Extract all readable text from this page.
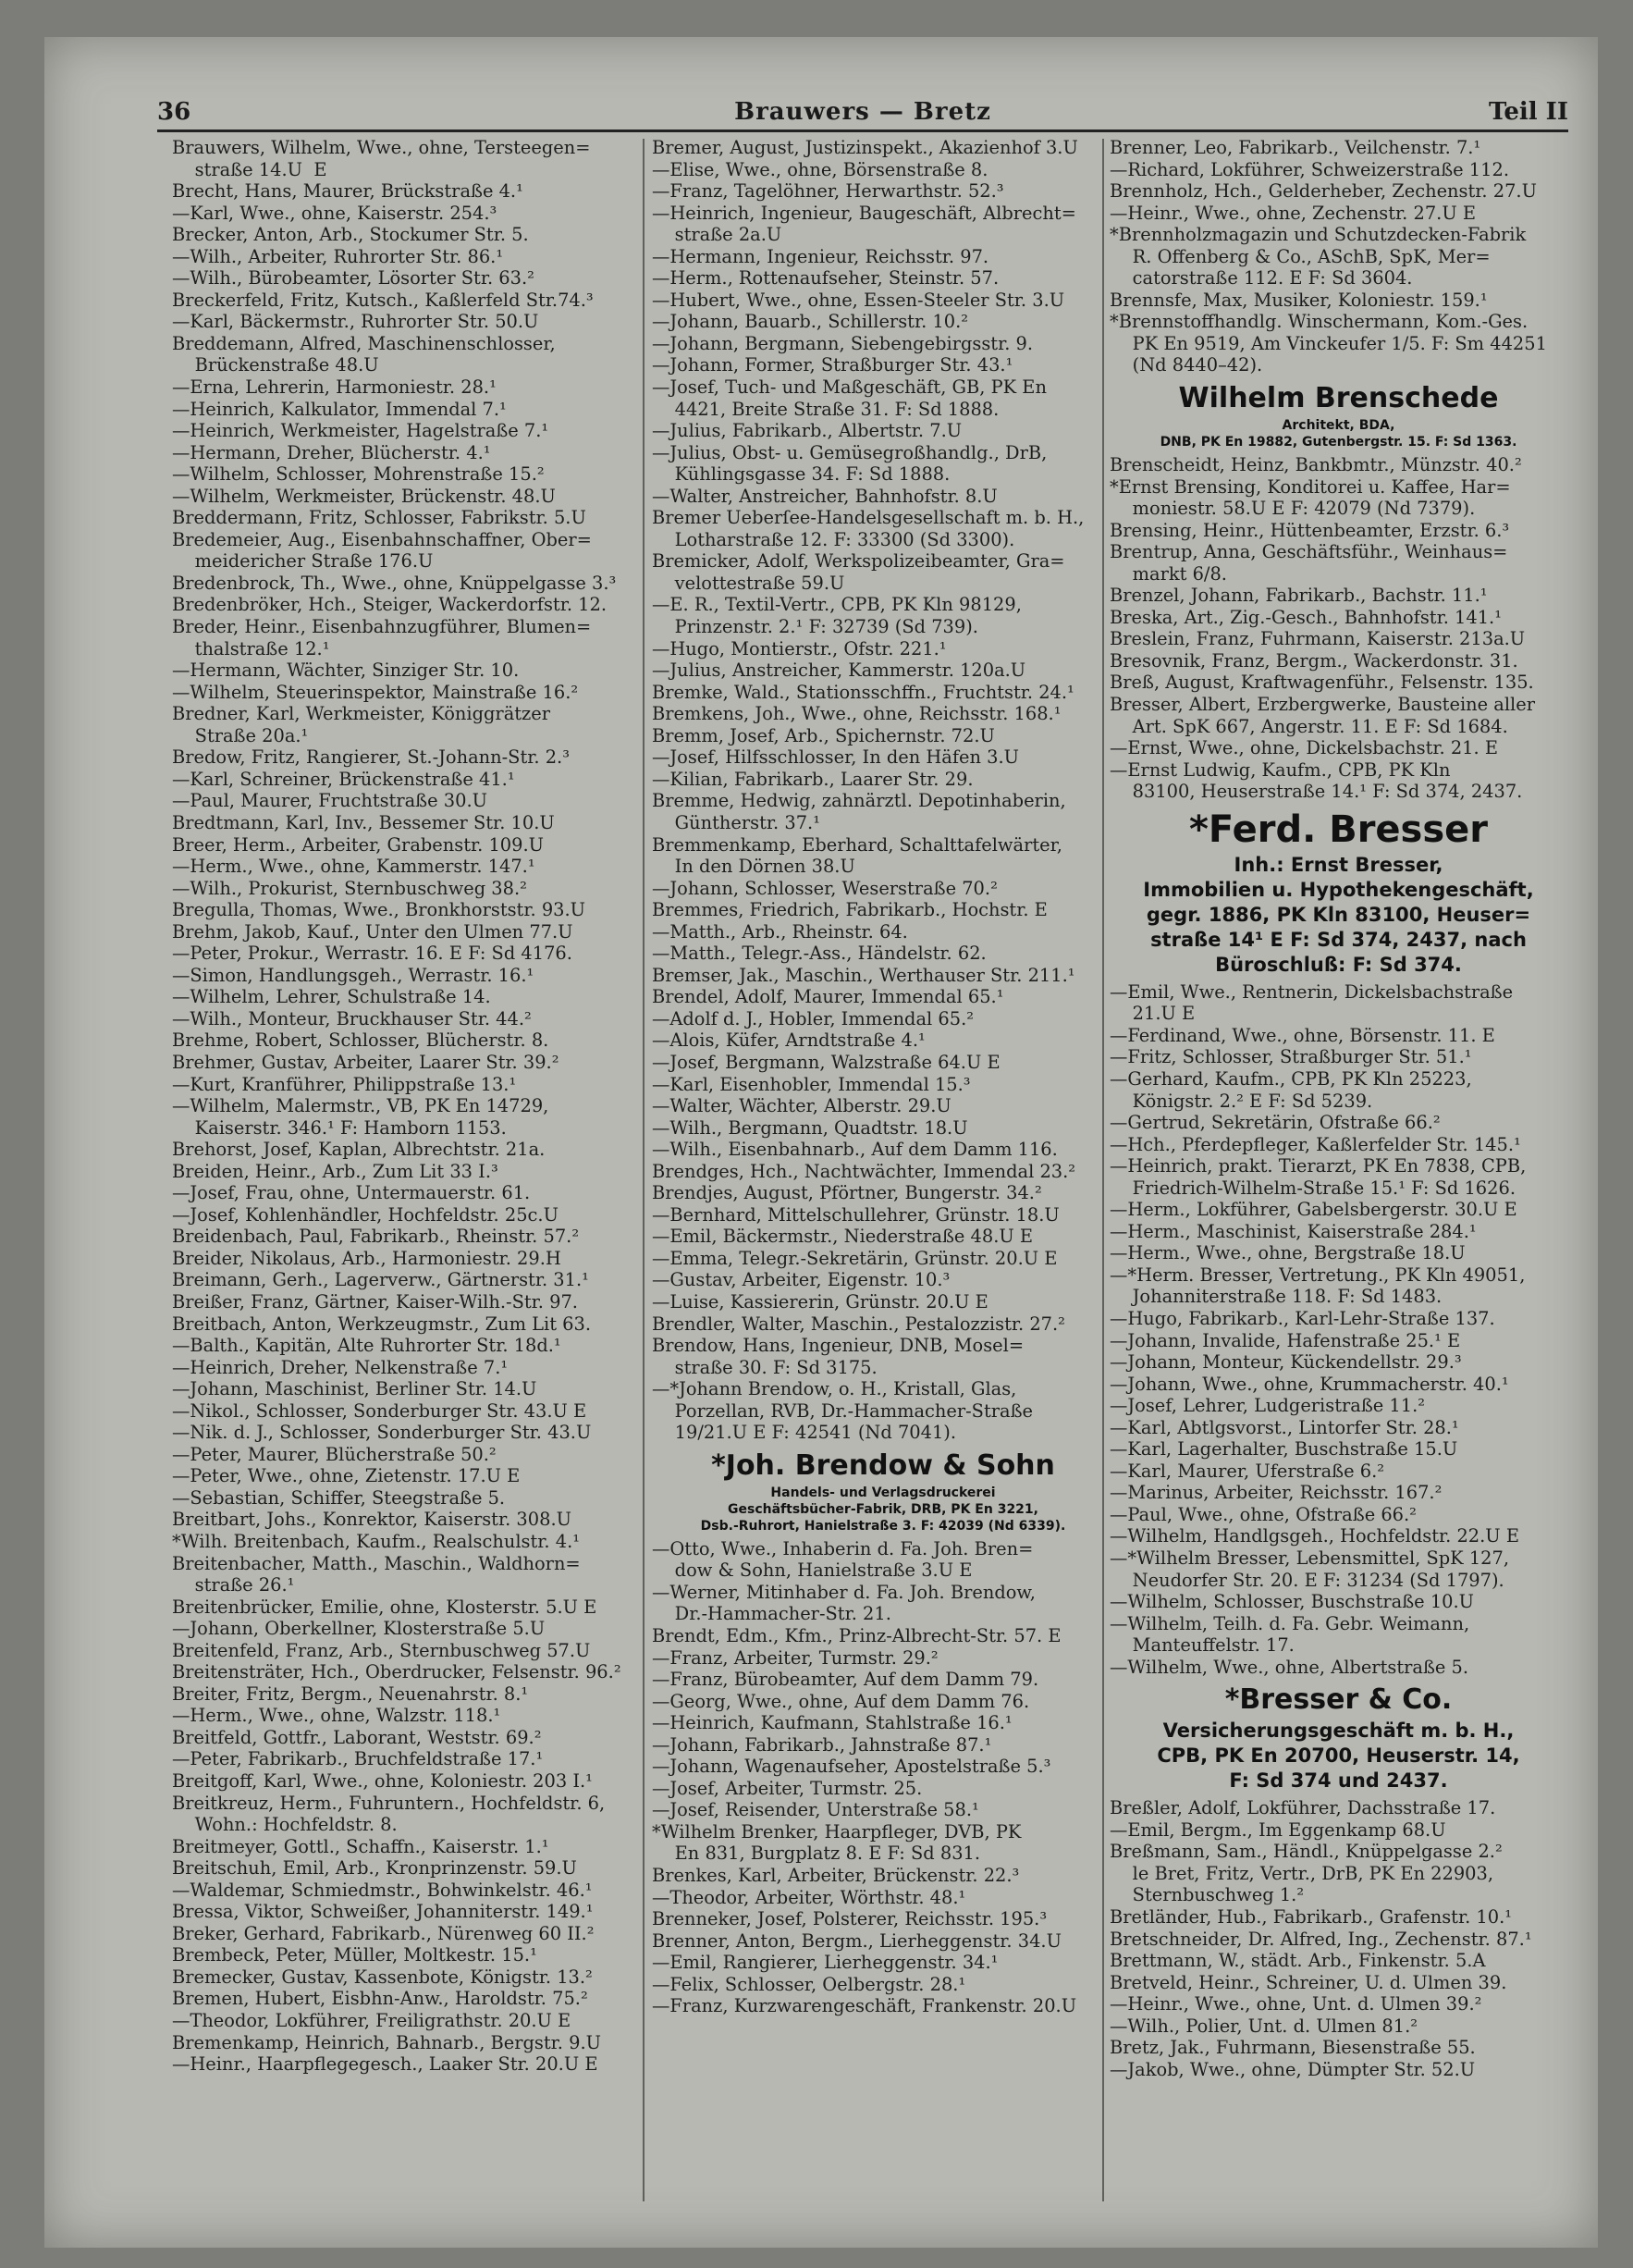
36	Brauwers — Bretz	Teil II
Brauwers, Wilhelm, Wwe., ohne, Tersteegen=
straße 14.U  E
Brecht, Hans, Maurer, Brückstraße 4.¹
—Karl, Wwe., ohne, Kaiserstr. 254.³
Brecker, Anton, Arb., Stockumer Str. 5.
—Wilh., Arbeiter, Ruhrorter Str. 86.¹
—Wilh., Bürobeamter, Lösorter Str. 63.²
Breckerfeld, Fritz, Kutsch., Kaßlerfeld Str.74.³
—Karl, Bäckermstr., Ruhrorter Str. 50.U
Breddemann, Alfred, Maschinenschlosser,
Brückenstraße 48.U
—Erna, Lehrerin, Harmoniestr. 28.¹
—Heinrich, Kalkulator, Immendal 7.¹
—Heinrich, Werkmeister, Hagelstraße 7.¹
—Hermann, Dreher, Blücherstr. 4.¹
—Wilhelm, Schlosser, Mohrenstraße 15.²
—Wilhelm, Werkmeister, Brückenstr. 48.U
Breddermann, Fritz, Schlosser, Fabrikstr. 5.U
Bredemeier, Aug., Eisenbahnschaffner, Ober=
meidericher Straße 176.U
Bredenbrock, Th., Wwe., ohne, Knüppelgasse 3.³
Bredenbröker, Hch., Steiger, Wackerdorfstr. 12.
Breder, Heinr., Eisenbahnzugführer, Blumen=
thalstraße 12.¹
—Hermann, Wächter, Sinziger Str. 10.
—Wilhelm, Steuerinspektor, Mainstraße 16.²
Bredner, Karl, Werkmeister, Königgrätzer
Straße 20a.¹
Bredow, Fritz, Rangierer, St.-Johann-Str. 2.³
—Karl, Schreiner, Brückenstraße 41.¹
—Paul, Maurer, Fruchtstraße 30.U
Bredtmann, Karl, Inv., Bessemer Str. 10.U
Breer, Herm., Arbeiter, Grabenstr. 109.U
—Herm., Wwe., ohne, Kammerstr. 147.¹
—Wilh., Prokurist, Sternbuschweg 38.²
Bregulla, Thomas, Wwe., Bronkhorststr. 93.U
Brehm, Jakob, Kauf., Unter den Ulmen 77.U
—Peter, Prokur., Werrastr. 16. E F: Sd 4176.
—Simon, Handlungsgeh., Werrastr. 16.¹
—Wilhelm, Lehrer, Schulstraße 14.
—Wilh., Monteur, Bruckhauser Str. 44.²
Brehme, Robert, Schlosser, Blücherstr. 8.
Brehmer, Gustav, Arbeiter, Laarer Str. 39.²
—Kurt, Kranführer, Philippstraße 13.¹
—Wilhelm, Malermstr., VB, PK En 14729,
Kaiserstr. 346.¹ F: Hamborn 1153.
Brehorst, Josef, Kaplan, Albrechtstr. 21a.
Breiden, Heinr., Arb., Zum Lit 33 I.³
—Josef, Frau, ohne, Untermauerstr. 61.
—Josef, Kohlenhändler, Hochfeldstr. 25c.U
Breidenbach, Paul, Fabrikarb., Rheinstr. 57.²
Breider, Nikolaus, Arb., Harmoniestr. 29.H
Breimann, Gerh., Lagerverw., Gärtnerstr. 31.¹
Breißer, Franz, Gärtner, Kaiser-Wilh.-Str. 97.
Breitbach, Anton, Werkzeugmstr., Zum Lit 63.
—Balth., Kapitän, Alte Ruhrorter Str. 18d.¹
—Heinrich, Dreher, Nelkenstraße 7.¹
—Johann, Maschinist, Berliner Str. 14.U
—Nikol., Schlosser, Sonderburger Str. 43.U E
—Nik. d. J., Schlosser, Sonderburger Str. 43.U
—Peter, Maurer, Blücherstraße 50.²
—Peter, Wwe., ohne, Zietenstr. 17.U E
—Sebastian, Schiffer, Steegstraße 5.
Breitbart, Johs., Konrektor, Kaiserstr. 308.U
*Wilh. Breitenbach, Kaufm., Realschulstr. 4.¹
Breitenbacher, Matth., Maschin., Waldhorn=
straße 26.¹
Breitenbrücker, Emilie, ohne, Klosterstr. 5.U E
—Johann, Oberkellner, Klosterstraße 5.U
Breitenfeld, Franz, Arb., Sternbuschweg 57.U
Breitensträter, Hch., Oberdrucker, Felsenstr. 96.²
Breiter, Fritz, Bergm., Neuenahrstr. 8.¹
—Herm., Wwe., ohne, Walzstr. 118.¹
Breitfeld, Gottfr., Laborant, Weststr. 69.²
—Peter, Fabrikarb., Bruchfeldstraße 17.¹
Breitgoff, Karl, Wwe., ohne, Koloniestr. 203 I.¹
Breitkreuz, Herm., Fuhruntern., Hochfeldstr. 6,
Wohn.: Hochfeldstr. 8.
Breitmeyer, Gottl., Schaffn., Kaiserstr. 1.¹
Breitschuh, Emil, Arb., Kronprinzenstr. 59.U
—Waldemar, Schmiedmstr., Bohwinkelstr. 46.¹
Bressa, Viktor, Schweißer, Johanniterstr. 149.¹
Breker, Gerhard, Fabrikarb., Nürenweg 60 II.²
Brembeck, Peter, Müller, Moltkestr. 15.¹
Bremecker, Gustav, Kassenbote, Königstr. 13.²
Bremen, Hubert, Eisbhn-Anw., Haroldstr. 75.²
—Theodor, Lokführer, Freiligrathstr. 20.U E
Bremenkamp, Heinrich, Bahnarb., Bergstr. 9.U
—Heinr., Haarpflegegesch., Laaker Str. 20.U E
Bremer, August, Justizinspekt., Akazienhof 3.U
—Elise, Wwe., ohne, Börsenstraße 8.
—Franz, Tagelöhner, Herwarthstr. 52.³
—Heinrich, Ingenieur, Baugeschäft, Albrecht=
straße 2a.U
—Hermann, Ingenieur, Reichsstr. 97.
—Herm., Rottenaufseher, Steinstr. 57.
—Hubert, Wwe., ohne, Essen-Steeler Str. 3.U
—Johann, Bauarb., Schillerstr. 10.²
—Johann, Bergmann, Siebengebirgsstr. 9.
—Johann, Former, Straßburger Str. 43.¹
—Josef, Tuch- und Maßgeschäft, GB, PK En
4421, Breite Straße 31. F: Sd 1888.
—Julius, Fabrikarb., Albertstr. 7.U
—Julius, Obst- u. Gemüsegroßhandlg., DrB,
Kühlingsgasse 34. F: Sd 1888.
—Walter, Anstreicher, Bahnhofstr. 8.U
Bremer Ueberſee-Handelsgesellschaft m. b. H.,
Lotharstraße 12. F: 33300 (Sd 3300).
Bremicker, Adolf, Werkspolizeibeamter, Gra=
velottestraße 59.U
—E. R., Textil-Vertr., CPB, PK Kln 98129,
Prinzenstr. 2.¹ F: 32739 (Sd 739).
—Hugo, Montierstr., Ofstr. 221.¹
—Julius, Anstreicher, Kammerstr. 120a.U
Bremke, Wald., Stationsschffn., Fruchtstr. 24.¹
Bremkens, Joh., Wwe., ohne, Reichsstr. 168.¹
Bremm, Josef, Arb., Spichernstr. 72.U
—Josef, Hilfsschlosser, In den Häfen 3.U
—Kilian, Fabrikarb., Laarer Str. 29.
Bremme, Hedwig, zahnärztl. Depotinhaberin,
Güntherstr. 37.¹
Bremmenkamp, Eberhard, Schalttafelwärter,
In den Dörnen 38.U
—Johann, Schlosser, Weserstraße 70.²
Bremmes, Friedrich, Fabrikarb., Hochstr. E
—Matth., Arb., Rheinstr. 64.
—Matth., Telegr.-Ass., Händelstr. 62.
Bremser, Jak., Maschin., Werthauser Str. 211.¹
Brendel, Adolf, Maurer, Immendal 65.¹
—Adolf d. J., Hobler, Immendal 65.²
—Alois, Küfer, Arndtstraße 4.¹
—Josef, Bergmann, Walzstraße 64.U E
—Karl, Eisenhobler, Immendal 15.³
—Walter, Wächter, Alberstr. 29.U
—Wilh., Bergmann, Quadtstr. 18.U
—Wilh., Eisenbahnarb., Auf dem Damm 116.
Brendges, Hch., Nachtwächter, Immendal 23.²
Brendjes, August, Pförtner, Bungerstr. 34.²
—Bernhard, Mittelschullehrer, Grünstr. 18.U
—Emil, Bäckermstr., Niederstraße 48.U E
—Emma, Telegr.-Sekretärin, Grünstr. 20.U E
—Gustav, Arbeiter, Eigenstr. 10.³
—Luise, Kassiererin, Grünstr. 20.U E
Brendler, Walter, Maschin., Pestalozzistr. 27.²
Brendow, Hans, Ingenieur, DNB, Mosel=
straße 30. F: Sd 3175.
—*Johann Brendow, o. H., Kristall, Glas,
Porzellan, RVB, Dr.-Hammacher-Straße
19/21.U E F: 42541 (Nd 7041).
*Joh. Brendow & Sohn
Handels- und Verlagsdruckerei
Geschäftsbücher-Fabrik, DRB, PK En 3221,
Dsb.-Ruhrort, Hanielstraße 3. F: 42039 (Nd 6339).
—Otto, Wwe., Inhaberin d. Fa. Joh. Bren=
dow & Sohn, Hanielstraße 3.U E
—Werner, Mitinhaber d. Fa. Joh. Brendow,
Dr.-Hammacher-Str. 21.
Brendt, Edm., Kfm., Prinz-Albrecht-Str. 57. E
—Franz, Arbeiter, Turmstr. 29.²
—Franz, Bürobeamter, Auf dem Damm 79.
—Georg, Wwe., ohne, Auf dem Damm 76.
—Heinrich, Kaufmann, Stahlstraße 16.¹
—Johann, Fabrikarb., Jahnstraße 87.¹
—Johann, Wagenaufseher, Apostelstraße 5.³
—Josef, Arbeiter, Turmstr. 25.
—Josef, Reisender, Unterstraße 58.¹
*Wilhelm Brenker, Haarpfleger, DVB, PK
En 831, Burgplatz 8. E F: Sd 831.
Brenkes, Karl, Arbeiter, Brückenstr. 22.³
—Theodor, Arbeiter, Wörthstr. 48.¹
Brenneker, Josef, Polsterer, Reichsstr. 195.³
Brenner, Anton, Bergm., Lierheggenstr. 34.U
—Emil, Rangierer, Lierheggenstr. 34.¹
—Felix, Schlosser, Oelbergstr. 28.¹
—Franz, Kurzwarengeschäft, Frankenstr. 20.U
Brenner, Leo, Fabrikarb., Veilchenstr. 7.¹
—Richard, Lokführer, Schweizerstraße 112.
Brennholz, Hch., Gelderheber, Zechenstr. 27.U
—Heinr., Wwe., ohne, Zechenstr. 27.U E
*Brennholzmagazin und Schutzdecken-Fabrik
R. Offenberg & Co., ASchB, SpK, Mer=
catorstraße 112. E F: Sd 3604.
Brennsfe, Max, Musiker, Koloniestr. 159.¹
*Brennstoffhandlg. Winschermann, Kom.-Ges.
PK En 9519, Am Vinckeufer 1/5. F: Sm 44251
(Nd 8440–42).
Wilhelm Brenschede
Architekt, BDA,
DNB, PK En 19882, Gutenbergstr. 15. F: Sd 1363.
Brenscheidt, Heinz, Bankbmtr., Münzstr. 40.²
*Ernst Brensing, Konditorei u. Kaffee, Har=
moniestr. 58.U E F: 42079 (Nd 7379).
Brensing, Heinr., Hüttenbeamter, Erzstr. 6.³
Brentrup, Anna, Geschäftsführ., Weinhaus=
markt 6/8.
Brenzel, Johann, Fabrikarb., Bachstr. 11.¹
Breska, Art., Zig.-Gesch., Bahnhofstr. 141.¹
Breslein, Franz, Fuhrmann, Kaiserstr. 213a.U
Bresovnik, Franz, Bergm., Wackerdonstr. 31.
Breß, August, Kraftwagenführ., Felsenstr. 135.
Bresser, Albert, Erzbergwerke, Bausteine aller
Art. SpK 667, Angerstr. 11. E F: Sd 1684.
—Ernst, Wwe., ohne, Dickelsbachstr. 21. E
—Ernst Ludwig, Kaufm., CPB, PK Kln
83100, Heuserstraße 14.¹ F: Sd 374, 2437.
*Ferd. Bresser
Inh.: Ernst Bresser,
Immobilien u. Hypothekengeschäft,
gegr. 1886, PK Kln 83100, Heuser=
straße 14¹ E F: Sd 374, 2437, nach
Büroschluß: F: Sd 374.
—Emil, Wwe., Rentnerin, Dickelsbachstraße
21.U E
—Ferdinand, Wwe., ohne, Börsenstr. 11. E
—Fritz, Schlosser, Straßburger Str. 51.¹
—Gerhard, Kaufm., CPB, PK Kln 25223,
Königstr. 2.² E F: Sd 5239.
—Gertrud, Sekretärin, Ofstraße 66.²
—Hch., Pferdepfleger, Kaßlerfelder Str. 145.¹
—Heinrich, prakt. Tierarzt, PK En 7838, CPB,
Friedrich-Wilhelm-Straße 15.¹ F: Sd 1626.
—Herm., Lokführer, Gabelsbergerstr. 30.U E
—Herm., Maschinist, Kaiserstraße 284.¹
—Herm., Wwe., ohne, Bergstraße 18.U
—*Herm. Bresser, Vertretung., PK Kln 49051,
Johanniterstraße 118. F: Sd 1483.
—Hugo, Fabrikarb., Karl-Lehr-Straße 137.
—Johann, Invalide, Hafenstraße 25.¹ E
—Johann, Monteur, Kückendellstr. 29.³
—Johann, Wwe., ohne, Krummacherstr. 40.¹
—Josef, Lehrer, Ludgeristraße 11.²
—Karl, Abtlgsvorst., Lintorfer Str. 28.¹
—Karl, Lagerhalter, Buschstraße 15.U
—Karl, Maurer, Uferstraße 6.²
—Marinus, Arbeiter, Reichsstr. 167.²
—Paul, Wwe., ohne, Ofstraße 66.²
—Wilhelm, Handlgsgeh., Hochfeldstr. 22.U E
—*Wilhelm Bresser, Lebensmittel, SpK 127,
Neudorfer Str. 20. E F: 31234 (Sd 1797).
—Wilhelm, Schlosser, Buschstraße 10.U
—Wilhelm, Teilh. d. Fa. Gebr. Weimann,
Manteuffelstr. 17.
—Wilhelm, Wwe., ohne, Albertstraße 5.
*Bresser & Co.
Versicherungsgeschäft m. b. H.,
CPB, PK En 20700, Heuserstr. 14,
F: Sd 374 und 2437.
Breßler, Adolf, Lokführer, Dachsstraße 17.
—Emil, Bergm., Im Eggenkamp 68.U
Breßmann, Sam., Händl., Knüppelgasse 2.²
le Bret, Fritz, Vertr., DrB, PK En 22903,
Sternbuschweg 1.²
Bretländer, Hub., Fabrikarb., Grafenstr. 10.¹
Bretschneider, Dr. Alfred, Ing., Zechenstr. 87.¹
Brettmann, W., städt. Arb., Finkenstr. 5.A
Bretveld, Heinr., Schreiner, U. d. Ulmen 39.
—Heinr., Wwe., ohne, Unt. d. Ulmen 39.²
—Wilh., Polier, Unt. d. Ulmen 81.²
Bretz, Jak., Fuhrmann, Biesenstraße 55.
—Jakob, Wwe., ohne, Dümpter Str. 52.U
